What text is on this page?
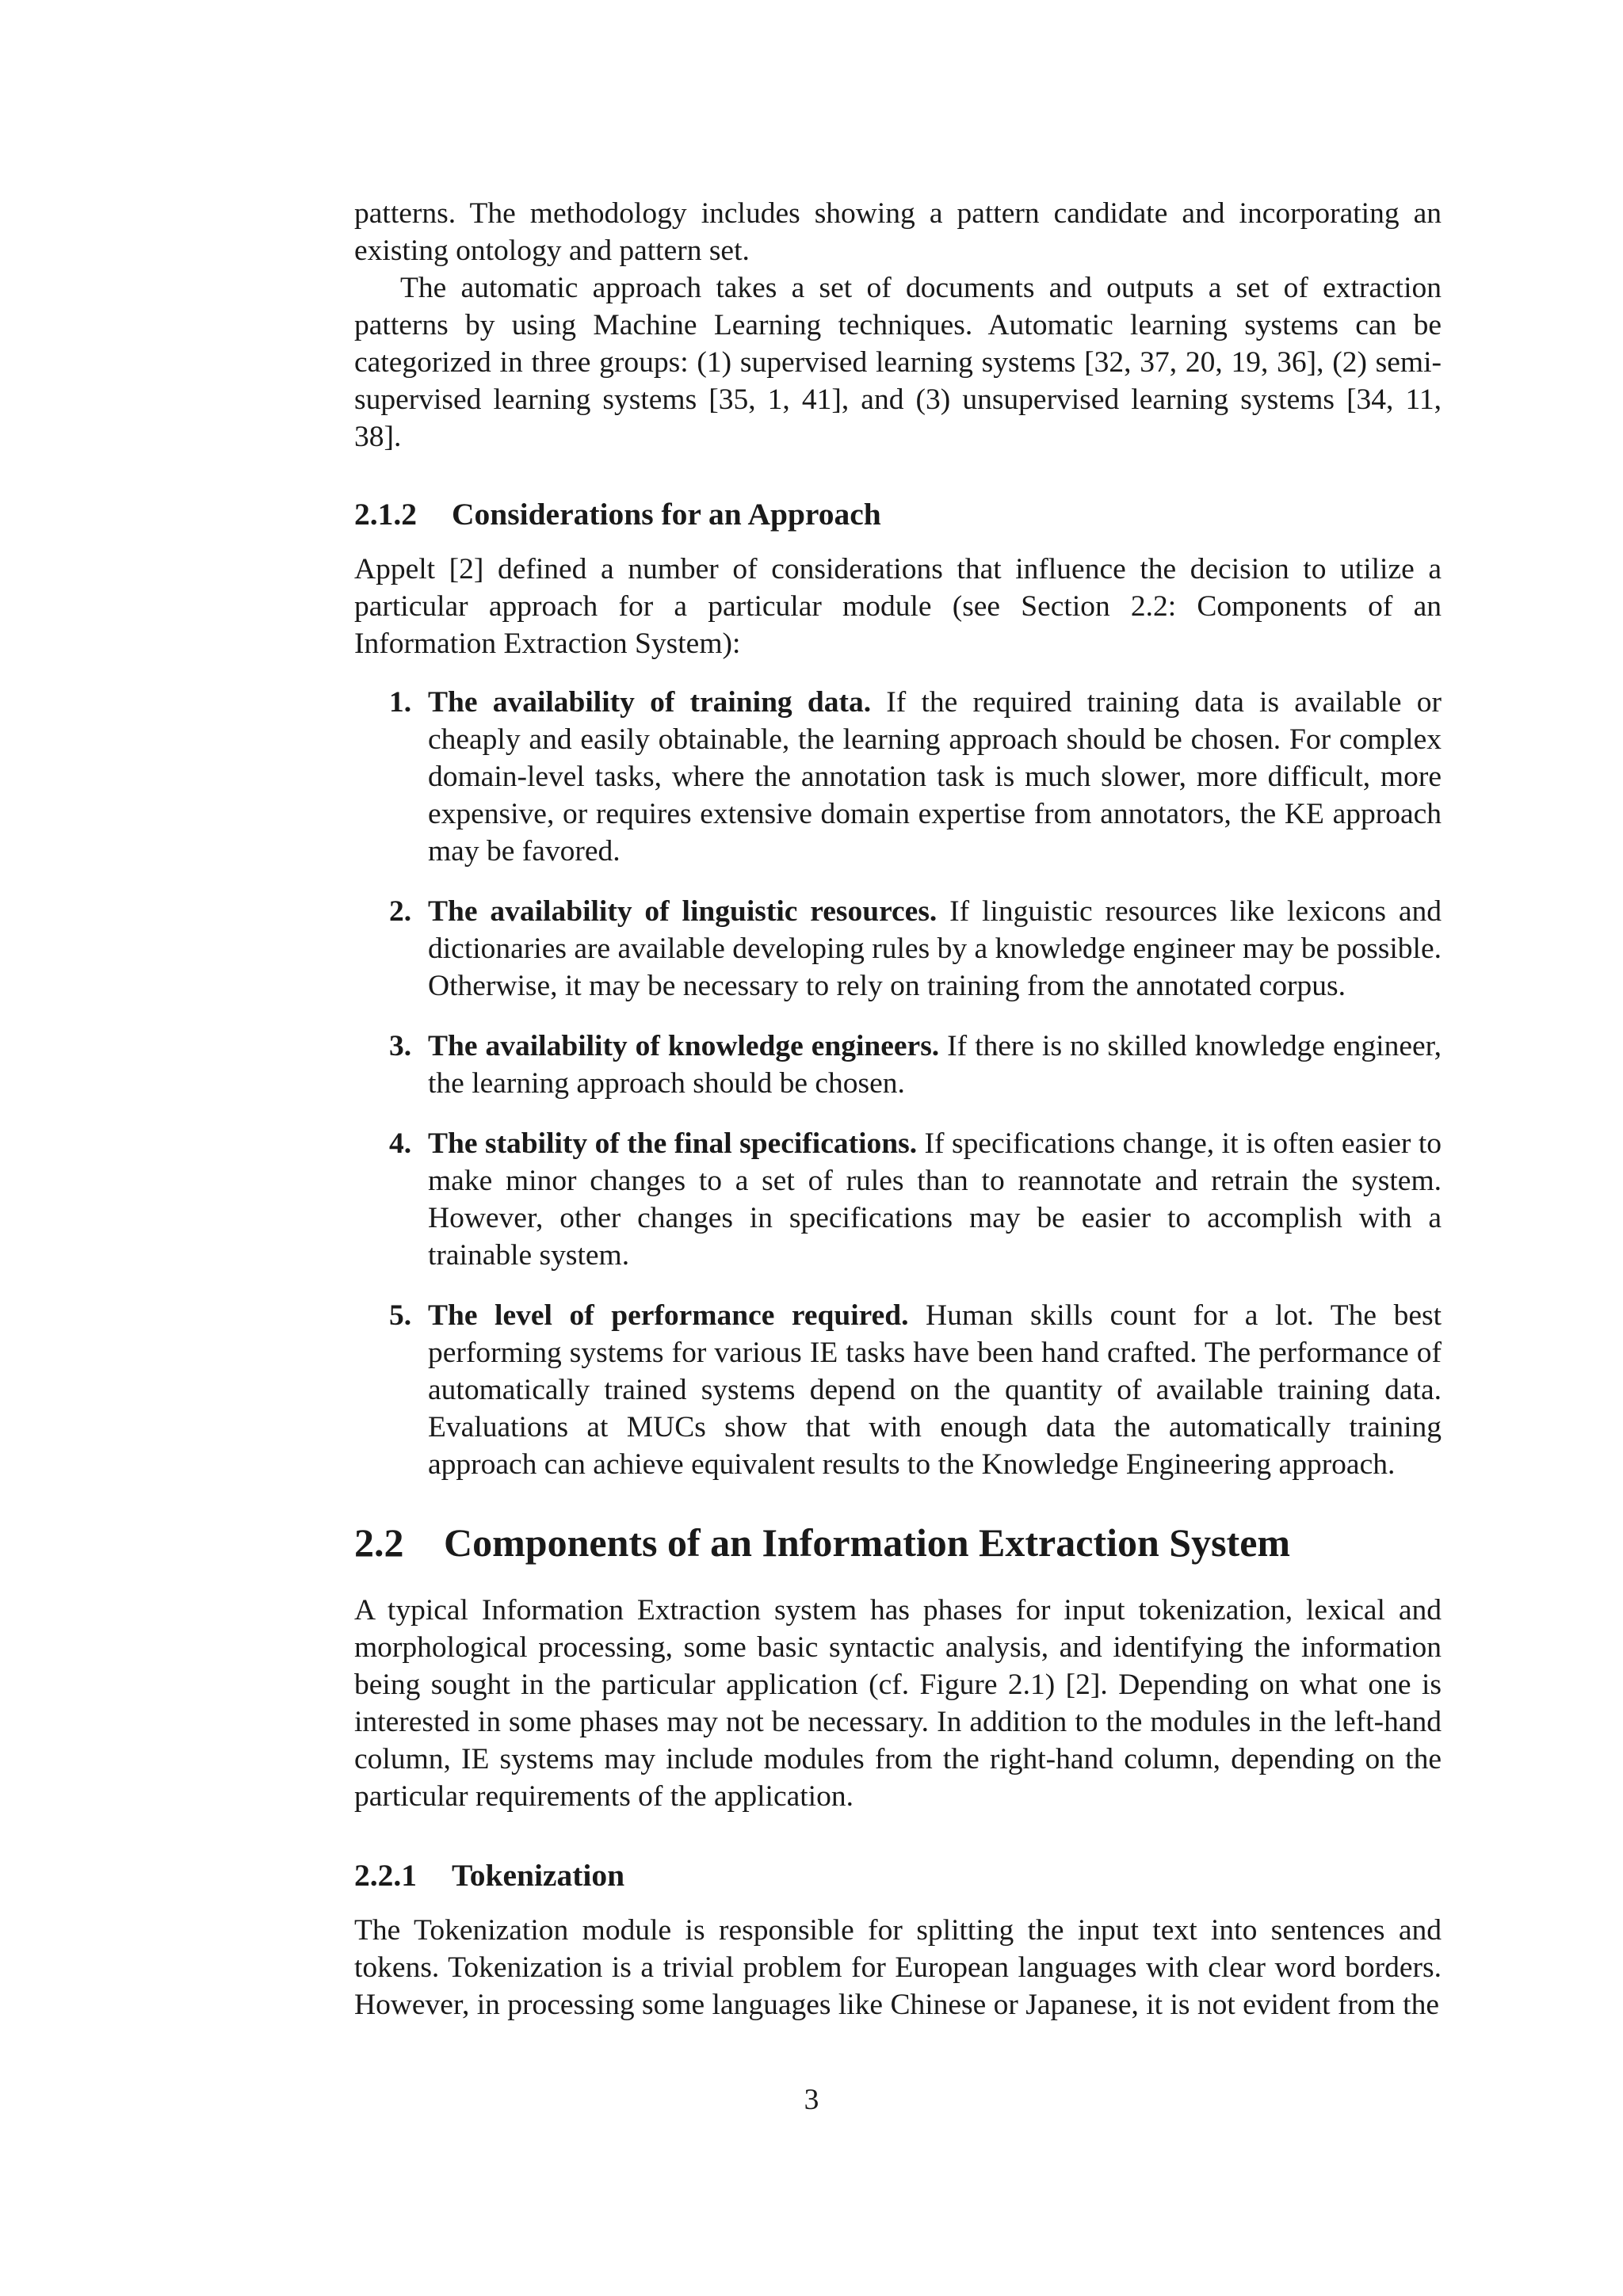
patterns. The methodology includes showing a pattern candidate and incorporating an existing ontology and pattern set.

The automatic approach takes a set of documents and outputs a set of extraction patterns by using Machine Learning techniques. Automatic learning systems can be categorized in three groups: (1) supervised learning systems [32, 37, 20, 19, 36], (2) semi-supervised learning systems [35, 1, 41], and (3) unsupervised learning systems [34, 11, 38].

2.1.2 Considerations for an Approach

Appelt [2] defined a number of considerations that influence the decision to utilize a particular approach for a particular module (see Section 2.2: Components of an Information Extraction System):

1. The availability of training data. If the required training data is available or cheaply and easily obtainable, the learning approach should be chosen. For complex domain-level tasks, where the annotation task is much slower, more difficult, more expensive, or requires extensive domain expertise from annotators, the KE approach may be favored.

2. The availability of linguistic resources. If linguistic resources like lexicons and dictionaries are available developing rules by a knowledge engineer may be possible. Otherwise, it may be necessary to rely on training from the annotated corpus.

3. The availability of knowledge engineers. If there is no skilled knowledge engineer, the learning approach should be chosen.

4. The stability of the final specifications. If specifications change, it is often easier to make minor changes to a set of rules than to reannotate and retrain the system. However, other changes in specifications may be easier to accomplish with a trainable system.

5. The level of performance required. Human skills count for a lot. The best performing systems for various IE tasks have been hand crafted. The performance of automatically trained systems depend on the quantity of available training data. Evaluations at MUCs show that with enough data the automatically training approach can achieve equivalent results to the Knowledge Engineering approach.

2.2 Components of an Information Extraction System

A typical Information Extraction system has phases for input tokenization, lexical and morphological processing, some basic syntactic analysis, and identifying the information being sought in the particular application (cf. Figure 2.1) [2]. Depending on what one is interested in some phases may not be necessary. In addition to the modules in the left-hand column, IE systems may include modules from the right-hand column, depending on the particular requirements of the application.

2.2.1 Tokenization

The Tokenization module is responsible for splitting the input text into sentences and tokens. Tokenization is a trivial problem for European languages with clear word borders. However, in processing some languages like Chinese or Japanese, it is not evident from the

3
